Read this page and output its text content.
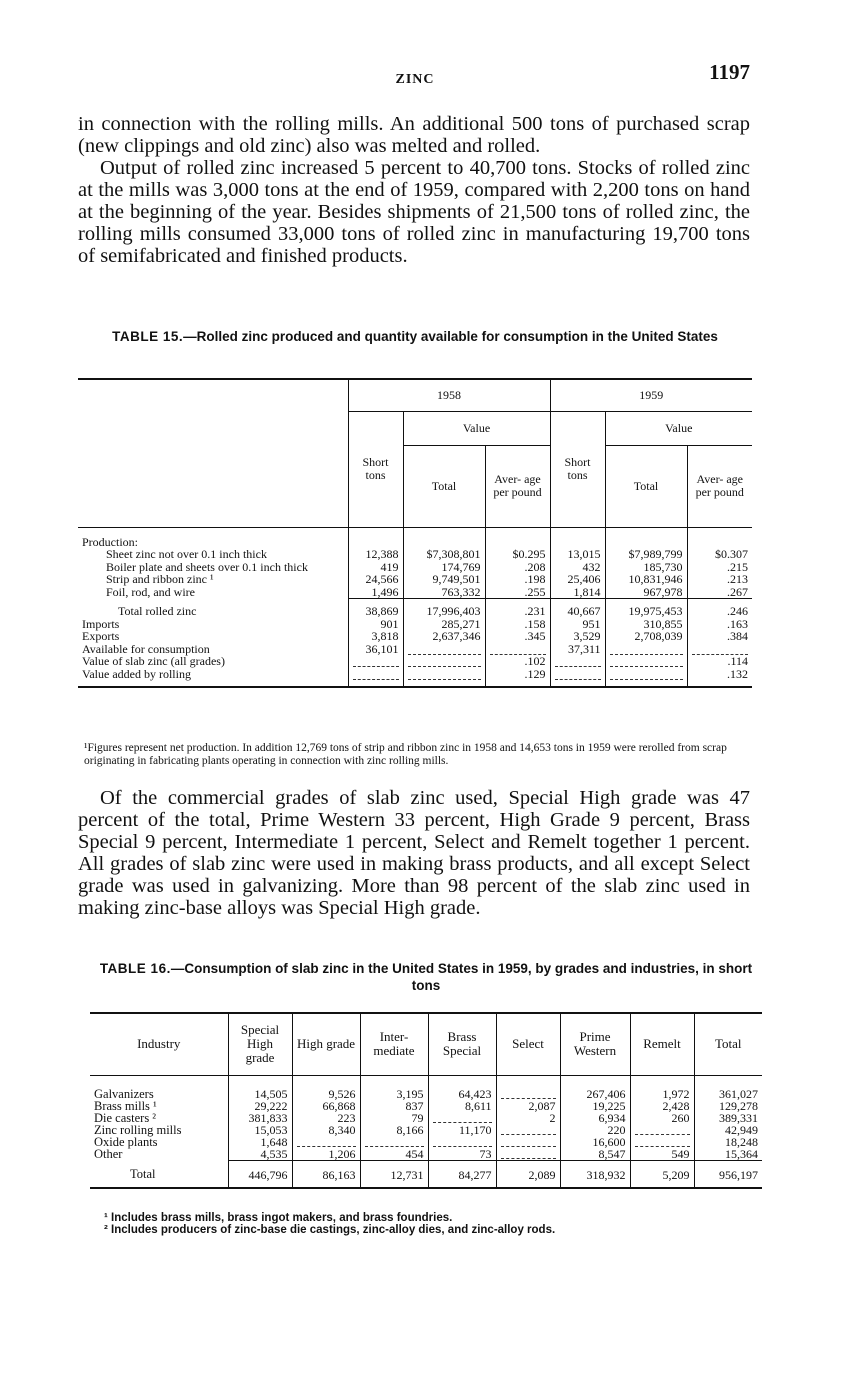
ZINC	1197

in connection with the rolling mills. An additional 500 tons of purchased scrap (new clippings and old zinc) also was melted and rolled.

Output of rolled zinc increased 5 percent to 40,700 tons. Stocks of rolled zinc at the mills was 3,000 tons at the end of 1959, compared with 2,200 tons on hand at the beginning of the year. Besides shipments of 21,500 tons of rolled zinc, the rolling mills consumed 33,000 tons of rolled zinc in manufacturing 19,700 tons of semifabricated and finished products.

TABLE 15.—Rolled zinc produced and quantity available for consumption in the United States
	1958			1959		
	Short tons	Value		Short tons	Value	
		Total	Aver- age per pound		Total	Aver- age per pound
Production:						
Sheet zinc not over 0.1 inch thick	12,388	$7,308,801	$0.295	13,015	$7,989,799	$0.307
Boiler plate and sheets over 0.1 inch thick	419	174,769	.208	432	185,730	.215
Strip and ribbon zinc ¹	24,566	9,749,501	.198	25,406	10,831,946	.213
Foil, rod, and wire	1,496	763,332	.255	1,814	967,978	.267
Total rolled zinc	38,869	17,996,403	.231	40,667	19,975,453	.246
Imports	901	285,271	.158	951	310,855	.163
Exports	3,818	2,637,346	.345	3,529	2,708,039	.384
Available for consumption	36,101			37,311	

Value of slab zinc (all grades)			.102			.114
Value added by rolling			.129			.132

¹Figures represent net production. In addition 12,769 tons of strip and ribbon zinc in 1958 and 14,653 tons in 1959 were rerolled from scrap originating in fabricating plants operating in connection with zinc rolling mills.

Of the commercial grades of slab zinc used, Special High grade was 47 percent of the total, Prime Western 33 percent, High Grade 9 percent, Brass Special 9 percent, Intermediate 1 percent, Select and Remelt together 1 percent. All grades of slab zinc were used in making brass products, and all except Select grade was used in galvanizing. More than 98 percent of the slab zinc used in making zinc-base alloys was Special High grade.

TABLE 16.—Consumption of slab zinc in the United States in 1959, by grades and industries, in short tons
Industry	Special High grade	High grade	Inter- mediate	Brass Special	Select	Prime Western	Remelt	Total

Galvanizers	14,505	9,526	3,195	64,423		267,406	1,972	361,027
Brass mills ¹	29,222	66,868	837	8,611	2,087	19,225	2,428	129,278
Die casters ²	381,833	223	79		2	6,934	260	389,331
Zinc rolling mills	15,053	8,340	8,166	11,170		220		42,949
Oxide plants	1,648					16,600		18,248
Other	4,535	1,206	454	73		8,547	549	15,364
Total	446,796	86,163	12,731	84,277	2,089	318,932	5,209	956,197
¹ Includes brass mills, brass ingot makers, and brass foundries.
² Includes producers of zinc-base die castings, zinc-alloy dies, and zinc-alloy rods.
